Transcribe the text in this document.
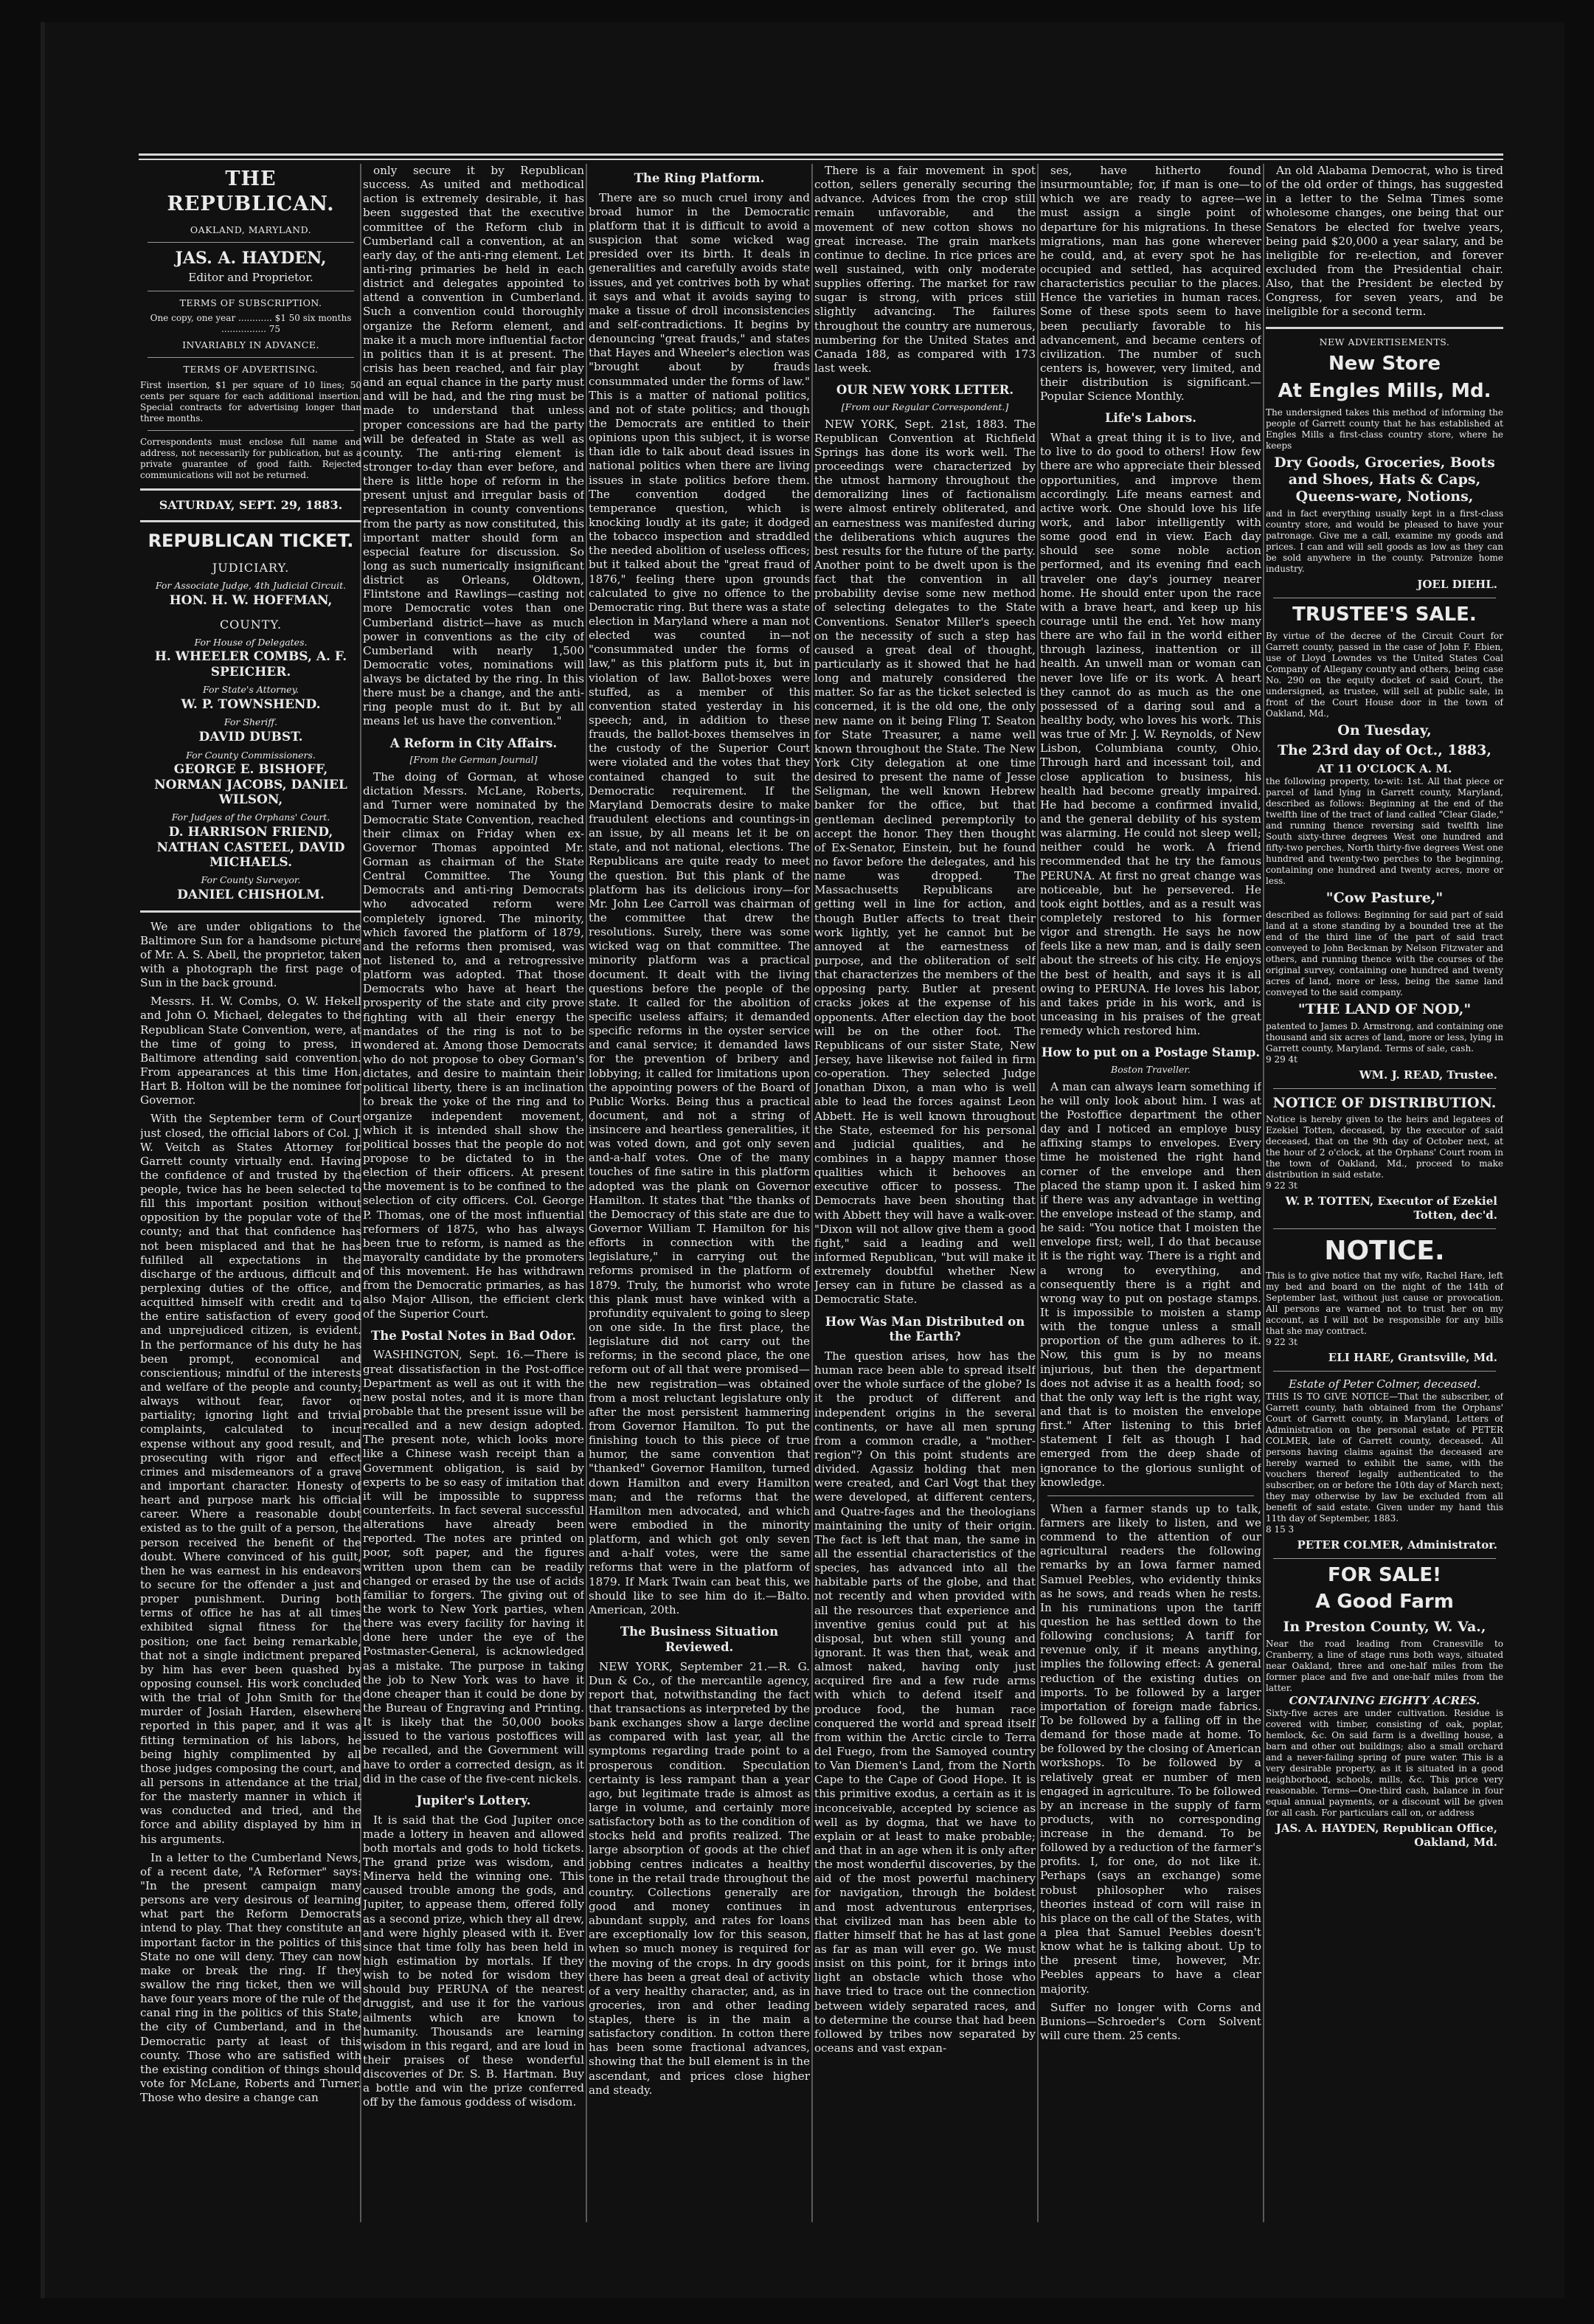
THE REPUBLICAN.
OAKLAND, MARYLAND.
JAS. A. HAYDEN,
Editor and Proprietor.
TERMS OF SUBSCRIPTION.
One copy, one year ............ $1 50 six months ................ 75
INVARIABLY IN ADVANCE.
TERMS OF ADVERTISING.
First insertion, $1 per square of 10 lines; 50 cents per square for each additional insertion. Special contracts for advertising longer than three months.
Correspondents must enclose full name and address, not necessarily for publication, but as a private guarantee of good faith. Rejected communications will not be returned.
SATURDAY, SEPT. 29, 1883.
REPUBLICAN TICKET.
JUDICIARY.
For Associate Judge, 4th Judicial Circuit.
HON. H. W. HOFFMAN,
COUNTY.
For House of Delegates.
H. WHEELER COMBS, A. F. SPEICHER.
For State's Attorney.
W. P. TOWNSHEND.
For Sheriff.
DAVID DUBST.
For County Commissioners.
GEORGE E. BISHOFF, NORMAN JACOBS, DANIEL WILSON,
For Judges of the Orphans' Court.
D. HARRISON FRIEND, NATHAN CASTEEL, DAVID MICHAELS.
For County Surveyor.
DANIEL CHISHOLM.

We are under obligations to the Baltimore Sun for a handsome picture of Mr. A. S. Abell, the proprietor, taken with a photograph the first page of Sun in the back ground.

Messrs. H. W. Combs, O. W. Hekell and John O. Michael, delegates to the Republican State Convention, were, at the time of going to press, in Baltimore attending said convention. From appearances at this time Hon. Hart B. Holton will be the nominee for Governor.

With the September term of Court just closed, the official labors of Col. J. W. Veitch as States Attorney for Garrett county virtually end. Having the confidence of and trusted by the people, twice has he been selected to fill this important position without opposition by the popular vote of the county; and that that confidence has not been misplaced and that he has fulfilled all expectations in the discharge of the arduous, difficult and perplexing duties of the office, and acquitted himself with credit and to the entire satisfaction of every good and unprejudiced citizen, is evident. In the performance of his duty he has been prompt, economical and conscientious; mindful of the interests and welfare of the people and county; always without fear, favor or partiality; ignoring light and trivial complaints, calculated to incur expense without any good result, and prosecuting with rigor and effect crimes and misdemeanors of a grave and important character. Honesty of heart and purpose mark his official career. Where a reasonable doubt existed as to the guilt of a person, the person received the benefit of the doubt. Where convinced of his guilt, then he was earnest in his endeavors to secure for the offender a just and proper punishment. During both terms of office he has at all times exhibited signal fitness for the position; one fact being remarkable, that not a single indictment prepared by him has ever been quashed by opposing counsel. His work concluded with the trial of John Smith for the murder of Josiah Harden, elsewhere reported in this paper, and it was a fitting termination of his labors, he being highly complimented by all those judges composing the court, and all persons in attendance at the trial, for the masterly manner in which it was conducted and tried, and the force and ability displayed by him in his arguments.

In a letter to the Cumberland News, of a recent date, "A Reformer" says: "In the present campaign many persons are very desirous of learning what part the Reform Democrats intend to play. That they constitute an important factor in the politics of this State no one will deny. They can now make or break the ring. If they swallow the ring ticket, then we will have four years more of the rule of the canal ring in the politics of this State, the city of Cumberland, and in the Democratic party at least of this county. Those who are satisfied with the existing condition of things should vote for McLane, Roberts and Turner. Those who desire a change can

only secure it by Republican success. As united and methodical action is extremely desirable, it has been suggested that the executive committee of the Reform club in Cumberland call a convention, at an early day, of the anti-ring element. Let anti-ring primaries be held in each district and delegates appointed to attend a convention in Cumberland. Such a convention could thoroughly organize the Reform element, and make it a much more influential factor in politics than it is at present. The crisis has been reached, and fair play and an equal chance in the party must and will be had, and the ring must be made to understand that unless proper concessions are had the party will be defeated in State as well as county. The anti-ring element is stronger to-day than ever before, and there is little hope of reform in the present unjust and irregular basis of representation in county conventions from the party as now constituted, this important matter should form an especial feature for discussion. So long as such numerically insignificant district as Orleans, Oldtown, Flintstone and Rawlings—casting not more Democratic votes than one Cumberland district—have as much power in conventions as the city of Cumberland with nearly 1,500 Democratic votes, nominations will always be dictated by the ring. In this there must be a change, and the anti-ring people must do it. But by all means let us have the convention."

A Reform in City Affairs.
[From the German Journal]

The doing of Gorman, at whose dictation Messrs. McLane, Roberts, and Turner were nominated by the Democratic State Convention, reached their climax on Friday when ex-Governor Thomas appointed Mr. Gorman as chairman of the State Central Committee. The Young Democrats and anti-ring Democrats who advocated reform were completely ignored. The minority, which favored the platform of 1879, and the reforms then promised, was not listened to, and a retrogressive platform was adopted. That those Democrats who have at heart the prosperity of the state and city prove fighting with all their energy the mandates of the ring is not to be wondered at. Among those Democrats who do not propose to obey Gorman's dictates, and desire to maintain their political liberty, there is an inclination to break the yoke of the ring and to organize independent movement, which it is intended shall show the political bosses that the people do not propose to be dictated to in the election of their officers. At present the movement is to be confined to the selection of city officers. Col. George P. Thomas, one of the most influential reformers of 1875, who has always been true to reform, is named as the mayoralty candidate by the promoters of this movement. He has withdrawn from the Democratic primaries, as has also Major Allison, the efficient clerk of the Superior Court.

The Postal Notes in Bad Odor.

WASHINGTON, Sept. 16.—There is great dissatisfaction in the Post-office Department as well as out it with the new postal notes, and it is more than probable that the present issue will be recalled and a new design adopted. The present note, which looks more like a Chinese wash receipt than a Government obligation, is said by experts to be so easy of imitation that it will be impossible to suppress counterfeits. In fact several successful alterations have already been reported. The notes are printed on poor, soft paper, and the figures written upon them can be readily changed or erased by the use of acids familiar to forgers. The giving out of the work to New York parties, when there was every facility for having it done here under the eye of the Postmaster-General, is acknowledged as a mistake. The purpose in taking the job to New York was to have it done cheaper than it could be done by the Bureau of Engraving and Printing. It is likely that the 50,000 books issued to the various postoffices will be recalled, and the Government will have to order a corrected design, as it did in the case of the five-cent nickels.

Jupiter's Lottery.

It is said that the God Jupiter once made a lottery in heaven and allowed both mortals and gods to hold tickets. The grand prize was wisdom, and Minerva held the winning one. This caused trouble among the gods, and Jupiter, to appease them, offered folly as a second prize, which they all drew, and were highly pleased with it. Ever since that time folly has been held in high estimation by mortals. If they wish to be noted for wisdom they should buy PERUNA of the nearest druggist, and use it for the various ailments which are known to humanity. Thousands are learning wisdom in this regard, and are loud in their praises of these wonderful discoveries of Dr. S. B. Hartman. Buy a bottle and win the prize conferred off by the famous goddess of wisdom.

The Ring Platform.

There are so much cruel irony and broad humor in the Democratic platform that it is difficult to avoid a suspicion that some wicked wag presided over its birth. It deals in generalities and carefully avoids state issues, and yet contrives both by what it says and what it avoids saying to make a tissue of droll inconsistencies and self-contradictions. It begins by denouncing "great frauds," and states that Hayes and Wheeler's election was "brought about by frauds consummated under the forms of law." This is a matter of national politics, and not of state politics; and though the Democrats are entitled to their opinions upon this subject, it is worse than idle to talk about dead issues in national politics when there are living issues in state politics before them. The convention dodged the temperance question, which is knocking loudly at its gate; it dodged the tobacco inspection and straddled the needed abolition of useless offices; but it talked about the "great fraud of 1876," feeling there upon grounds calculated to give no offence to the Democratic ring. But there was a state election in Maryland where a man not elected was counted in—not "consummated under the forms of law," as this platform puts it, but in violation of law. Ballot-boxes were stuffed, as a member of this convention stated yesterday in his speech; and, in addition to these frauds, the ballot-boxes themselves in the custody of the Superior Court were violated and the votes that they contained changed to suit the Democratic requirement. If the Maryland Democrats desire to make fraudulent elections and countings-in an issue, by all means let it be on state, and not national, elections. The Republicans are quite ready to meet the question. But this plank of the platform has its delicious irony—for Mr. John Lee Carroll was chairman of the committee that drew the resolutions. Surely, there was some wicked wag on that committee. The minority platform was a practical document. It dealt with the living questions before the people of the state. It called for the abolition of specific useless affairs; it demanded specific reforms in the oyster service and canal service; it demanded laws for the prevention of bribery and lobbying; it called for limitations upon the appointing powers of the Board of Public Works. Being thus a practical document, and not a string of insincere and heartless generalities, it was voted down, and got only seven and-a-half votes. One of the many touches of fine satire in this platform adopted was the plank on Governor Hamilton. It states that "the thanks of the Democracy of this state are due to Governor William T. Hamilton for his efforts in connection with the legislature," in carrying out the reforms promised in the platform of 1879. Truly, the humorist who wrote this plank must have winked with a profundity equivalent to going to sleep on one side. In the first place, the legislature did not carry out the reforms; in the second place, the one reform out of all that were promised—the new registration—was obtained from a most reluctant legislature only after the most persistent hammering from Governor Hamilton. To put the finishing touch to this piece of true humor, the same convention that "thanked" Governor Hamilton, turned down Hamilton and every Hamilton man; and the reforms that the Hamilton men advocated, and which were embodied in the minority platform, and which got only seven and a-half votes, were the same reforms that were in the platform of 1879. If Mark Twain can beat this, we should like to see him do it.—Balto. American, 20th.

The Business Situation Reviewed.

NEW YORK, September 21.—R. G. Dun & Co., of the mercantile agency, report that, notwithstanding the fact that transactions as interpreted by the bank exchanges show a large decline as compared with last year, all the symptoms regarding trade point to a prosperous condition. Speculation certainty is less rampant than a year ago, but legitimate trade is almost as large in volume, and certainly more satisfactory both as to the condition of stocks held and profits realized. The large absorption of goods at the chief jobbing centres indicates a healthy tone in the retail trade throughout the country. Collections generally are good and money continues in abundant supply, and rates for loans are exceptionally low for this season, when so much money is required for the moving of the crops. In dry goods there has been a great deal of activity of a very healthy character, and, as in groceries, iron and other leading staples, there is in the main a satisfactory condition. In cotton there has been some fractional advances, showing that the bull element is in the ascendant, and prices close higher and steady.

There is a fair movement in spot cotton, sellers generally securing the advance. Advices from the crop still remain unfavorable, and the movement of new cotton shows no great increase. The grain markets continue to decline. In rice prices are well sustained, with only moderate supplies offering. The market for raw sugar is strong, with prices still slightly advancing. The failures throughout the country are numerous, numbering for the United States and Canada 188, as compared with 173 last week.

OUR NEW YORK LETTER.
[From our Regular Correspondent.]

NEW YORK, Sept. 21st, 1883. The Republican Convention at Richfield Springs has done its work well. The proceedings were characterized by the utmost harmony throughout the demoralizing lines of factionalism were almost entirely obliterated, and an earnestness was manifested during the deliberations which augures the best results for the future of the party. Another point to be dwelt upon is the fact that the convention in all probability devise some new method of selecting delegates to the State Conventions. Senator Miller's speech on the necessity of such a step has caused a great deal of thought, particularly as it showed that he had long and maturely considered the matter. So far as the ticket selected is concerned, it is the old one, the only new name on it being Fling T. Seaton for State Treasurer, a name well known throughout the State. The New York City delegation at one time desired to present the name of Jesse Seligman, the well known Hebrew banker for the office, but that gentleman declined peremptorily to accept the honor. They then thought of Ex-Senator, Einstein, but he found no favor before the delegates, and his name was dropped. The Massachusetts Republicans are getting well in line for action, and though Butler affects to treat their work lightly, yet he cannot but be annoyed at the earnestness of purpose, and the obliteration of self that characterizes the members of the opposing party. Butler at present cracks jokes at the expense of his opponents. After election day the boot will be on the other foot. The Republicans of our sister State, New Jersey, have likewise not failed in firm co-operation. They selected Judge Jonathan Dixon, a man who is well able to lead the forces against Leon Abbett. He is well known throughout the State, esteemed for his personal and judicial qualities, and he combines in a happy manner those qualities which it behooves an executive officer to possess. The Democrats have been shouting that with Abbett they will have a walk-over. "Dixon will not allow give them a good fight," said a leading and well informed Republican, "but will make it extremely doubtful whether New Jersey can in future be classed as a Democratic State.

How Was Man Distributed on the Earth?

The question arises, how has the human race been able to spread itself over the whole surface of the globe? Is it the product of different and independent origins in the several continents, or have all men sprung from a common cradle, a "mother-region"? On this point students are divided. Agassiz holding that men were created, and Carl Vogt that they were developed, at different centers, and Quatre-fages and the theologians maintaining the unity of their origin. The fact is left that man, the same in all the essential characteristics of the species, has advanced into all the habitable parts of the globe, and that not recently and when provided with all the resources that experience and inventive genius could put at his disposal, but when still young and ignorant. It was then that, weak and almost naked, having only just acquired fire and a few rude arms with which to defend itself and produce food, the human race conquered the world and spread itself from within the Arctic circle to Terra del Fuego, from the Samoyed country to Van Diemen's Land, from the North Cape to the Cape of Good Hope. It is this primitive exodus, a certain as it is inconceivable, accepted by science as well as by dogma, that we have to explain or at least to make probable; and that in an age when it is only after the most wonderful discoveries, by the aid of the most powerful machinery for navigation, through the boldest and most adventurous enterprises, that civilized man has been able to flatter himself that he has at last gone as far as man will ever go. We must insist on this point, for it brings into light an obstacle which those who have tried to trace out the connection between widely separated races, and to determine the course that had been followed by tribes now separated by oceans and vast expan-

ses, have hitherto found insurmountable; for, if man is one—to which we are ready to agree—we must assign a single point of departure for his migrations. In these migrations, man has gone wherever he could, and, at every spot he has occupied and settled, has acquired characteristics peculiar to the places. Hence the varieties in human races. Some of these spots seem to have been peculiarly favorable to his advancement, and became centers of civilization. The number of such centers is, however, very limited, and their distribution is significant.—Popular Science Monthly.

Life's Labors.

What a great thing it is to live, and to live to do good to others! How few there are who appreciate their blessed opportunities, and improve them accordingly. Life means earnest and active work. One should love his life work, and labor intelligently with some good end in view. Each day should see some noble action performed, and its evening find each traveler one day's journey nearer home. He should enter upon the race with a brave heart, and keep up his courage until the end. Yet how many there are who fail in the world either through laziness, inattention or ill health. An unwell man or woman can never love life or its work. A heart they cannot do as much as the one possessed of a daring soul and a healthy body, who loves his work. This was true of Mr. J. W. Reynolds, of New Lisbon, Columbiana county, Ohio. Through hard and incessant toil, and close application to business, his health had become greatly impaired. He had become a confirmed invalid, and the general debility of his system was alarming. He could not sleep well; neither could he work. A friend recommended that he try the famous PERUNA. At first no great change was noticeable, but he persevered. He took eight bottles, and as a result was completely restored to his former vigor and strength. He says he now feels like a new man, and is daily seen about the streets of his city. He enjoys the best of health, and says it is all owing to PERUNA. He loves his labor, and takes pride in his work, and is unceasing in his praises of the great remedy which restored him.

How to put on a Postage Stamp.
Boston Traveller.

A man can always learn something if he will only look about him. I was at the Postoffice department the other day and I noticed an employe busy affixing stamps to envelopes. Every time he moistened the right hand corner of the envelope and then placed the stamp upon it. I asked him if there was any advantage in wetting the envelope instead of the stamp, and he said: "You notice that I moisten the envelope first; well, I do that because it is the right way. There is a right and a wrong to everything, and consequently there is a right and wrong way to put on postage stamps. It is impossible to moisten a stamp with the tongue unless a small proportion of the gum adheres to it. Now, this gum is by no means injurious, but then the department does not advise it as a health food; so that the only way left is the right way, and that is to moisten the envelope first." After listening to this brief statement I felt as though I had emerged from the deep shade of ignorance to the glorious sunlight of knowledge.

When a farmer stands up to talk, farmers are likely to listen, and we commend to the attention of our agricultural readers the following remarks by an Iowa farmer named Samuel Peebles, who evidently thinks as he sows, and reads when he rests. In his ruminations upon the tariff question he has settled down to the following conclusions; A tariff for revenue only, if it means anything, implies the following effect: A general reduction of the existing duties on imports. To be followed by a larger importation of foreign made fabrics. To be followed by a falling off in the demand for those made at home. To be followed by the closing of American workshops. To be followed by a relatively great er number of men engaged in agriculture. To be followed by an increase in the supply of farm products, with no corresponding increase in the demand. To be followed by a reduction of the farmer's profits. I, for one, do not like it. Perhaps (says an exchange) some robust philosopher who raises theories instead of corn will raise in his place on the call of the States, with a plea that Samuel Peebles doesn't know what he is talking about. Up to the present time, however, Mr. Peebles appears to have a clear majority.

Suffer no longer with Corns and Bunions—Schroeder's Corn Solvent will cure them. 25 cents.

An old Alabama Democrat, who is tired of the old order of things, has suggested in a letter to the Selma Times some wholesome changes, one being that our Senators be elected for twelve years, being paid $20,000 a year salary, and be ineligible for re-election, and forever excluded from the Presidential chair. Also, that the President be elected by Congress, for seven years, and be ineligible for a second term.

NEW ADVERTISEMENTS.
New Store
At Engles Mills, Md.
The undersigned takes this method of informing the people of Garrett county that he has established at Engles Mills a first-class country store, where he keeps
Dry Goods, Groceries, Boots and Shoes, Hats & Caps, Queens-ware, Notions,
and in fact everything usually kept in a first-class country store, and would be pleased to have your patronage. Give me a call, examine my goods and prices. I can and will sell goods as low as they can be sold anywhere in the county. Patronize home industry.
JOEL DIEHL.
TRUSTEE'S SALE.
By virtue of the decree of the Circuit Court for Garrett county, passed in the case of John F. Ebien, use of Lloyd Lowndes vs the United States Coal Company of Allegany county and others, being case No. 290 on the equity docket of said Court, the undersigned, as trustee, will sell at public sale, in front of the Court House door in the town of Oakland, Md.,
On Tuesday,
The 23rd day of Oct., 1883,
AT 11 O'CLOCK A. M.
the following property, to-wit: 1st. All that piece or parcel of land lying in Garrett county, Maryland, described as follows: Beginning at the end of the twelfth line of the tract of land called "Clear Glade," and running thence reversing said twelfth line South sixty-three degrees West one hundred and fifty-two perches, North thirty-five degrees West one hundred and twenty-two perches to the beginning, containing one hundred and twenty acres, more or less.
"Cow Pasture,"
described as follows: Beginning for said part of said land at a stone standing by a bounded tree at the end of the third line of the part of said tract conveyed to John Beckman by Nelson Fitzwater and others, and running thence with the courses of the original survey, containing one hundred and twenty acres of land, more or less, being the same land conveyed to the said company.
"THE LAND OF NOD,"
patented to James D. Armstrong, and containing one thousand and six acres of land, more or less, lying in Garrett county, Maryland. Terms of sale, cash.
9 29 4t
WM. J. READ, Trustee.
NOTICE OF DISTRIBUTION.
Notice is hereby given to the heirs and legatees of Ezekiel Totten, deceased, by the executor of said deceased, that on the 9th day of October next, at the hour of 2 o'clock, at the Orphans' Court room in the town of Oakland, Md., proceed to make distribution in said estate.
9 22 3t
W. P. TOTTEN, Executor of Ezekiel Totten, dec'd.
NOTICE.
This is to give notice that my wife, Rachel Hare, left my bed and board on the night of the 14th of September last, without just cause or provocation. All persons are warned not to trust her on my account, as I will not be responsible for any bills that she may contract.
9 22 3t
ELI HARE, Grantsville, Md.
Estate of Peter Colmer, deceased.
THIS IS TO GIVE NOTICE—That the subscriber, of Garrett county, hath obtained from the Orphans' Court of Garrett county, in Maryland, Letters of Administration on the personal estate of PETER COLMER, late of Garrett county, deceased. All persons having claims against the deceased are hereby warned to exhibit the same, with the vouchers thereof legally authenticated to the subscriber, on or before the 10th day of March next; they may otherwise by law be excluded from all benefit of said estate. Given under my hand this 11th day of September, 1883.
8 15 3
PETER COLMER, Administrator.
FOR SALE!
A Good Farm
In Preston County, W. Va.,
Near the road leading from Cranesville to Cranberry, a line of stage runs both ways, situated near Oakland, three and one-half miles from the former place and five and one-half miles from the latter.
CONTAINING EIGHTY ACRES.
Sixty-five acres are under cultivation. Residue is covered with timber, consisting of oak, poplar, hemlock, &c. On said farm is a dwelling house, a barn and other out buildings; also a small orchard and a never-failing spring of pure water. This is a very desirable property, as it is situated in a good neighborhood, schools, mills, &c. This price very reasonable. Terms—One-third cash, balance in four equal annual payments, or a discount will be given for all cash. For particulars call on, or address
JAS. A. HAYDEN, Republican Office, Oakland, Md.
